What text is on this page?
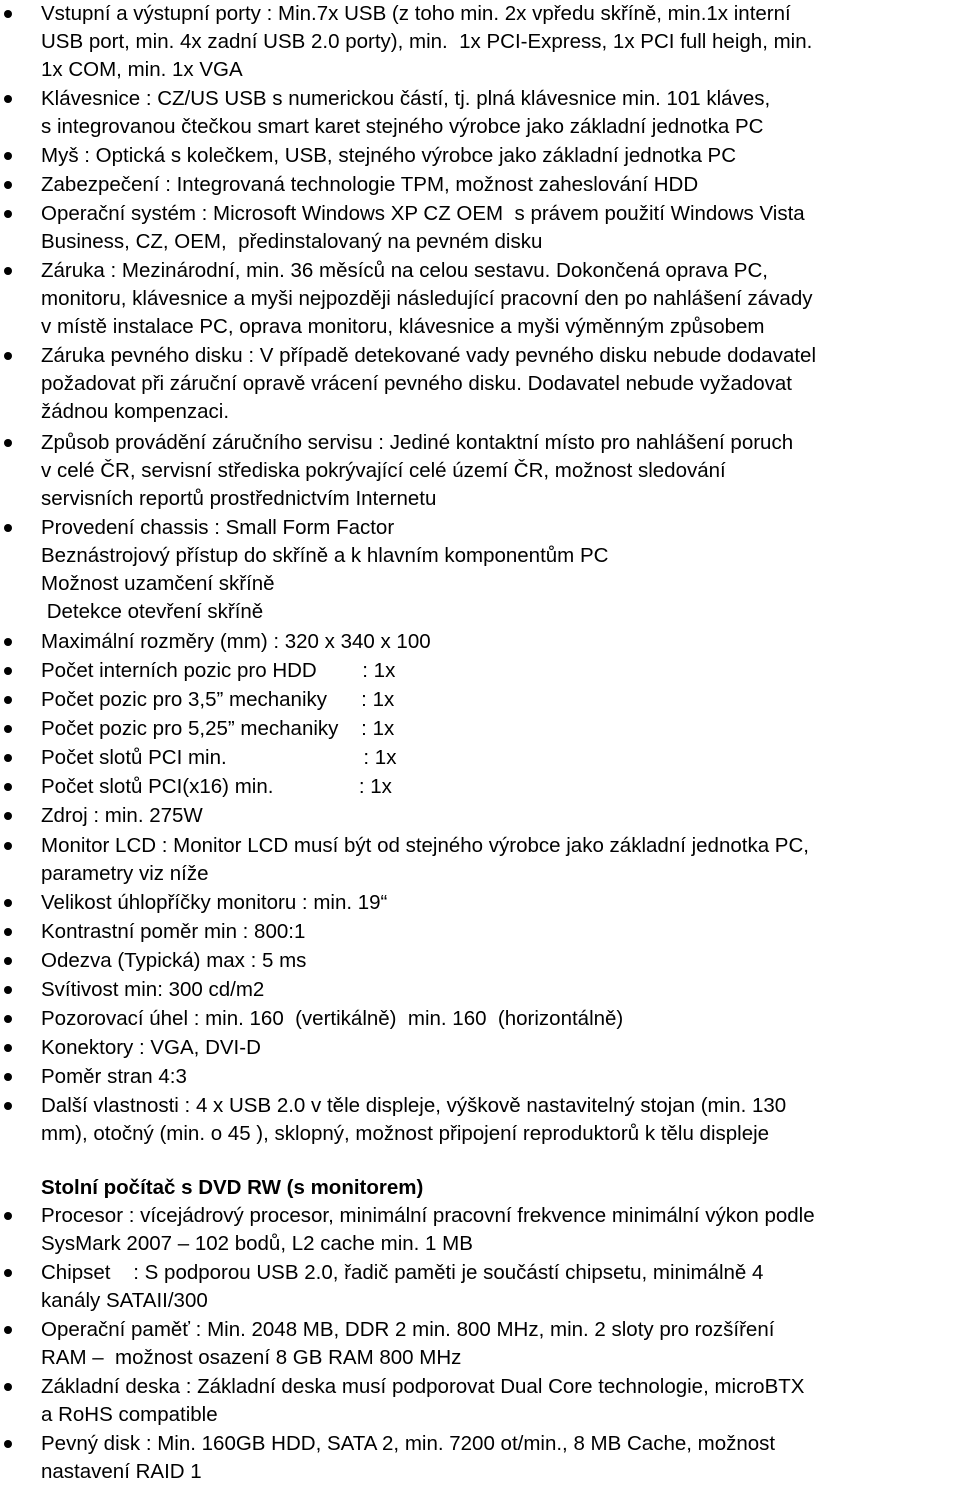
Vstupní a výstupní porty : Min.7x USB (z toho min. 2x vpředu skříně, min.1x interní
USB port, min. 4x zadní USB 2.0 porty), min.  1x PCI-Express, 1x PCI full heigh, min.
1x COM, min. 1x VGA
Klávesnice : CZ/US USB s numerickou částí, tj. plná klávesnice min. 101 kláves,
s integrovanou čtečkou smart karet stejného výrobce jako základní jednotka PC
Myš : Optická s kolečkem, USB, stejného výrobce jako základní jednotka PC
Zabezpečení : Integrovaná technologie TPM, možnost zaheslování HDD
Operační systém : Microsoft Windows XP CZ OEM  s právem použití Windows Vista
Business, CZ, OEM,  předinstalovaný na pevném disku
Záruka : Mezinárodní, min. 36 měsíců na celou sestavu. Dokončená oprava PC,
monitoru, klávesnice a myši nejpozději následující pracovní den po nahlášení závady
v místě instalace PC, oprava monitoru, klávesnice a myši výměnným způsobem
Záruka pevného disku : V případě detekované vady pevného disku nebude dodavatel
požadovat při záruční opravě vrácení pevného disku. Dodavatel nebude vyžadovat
žádnou kompenzaci.
Způsob provádění záručního servisu : Jediné kontaktní místo pro nahlášení poruch
v celé ČR, servisní střediska pokrývající celé území ČR, možnost sledování
servisních reportů prostřednictvím Internetu
Provedení chassis : Small Form Factor
Beznástrojový přístup do skříně a k hlavním komponentům PC
Možnost uzamčení skříně
Detekce otevření skříně
Maximální rozměry (mm) : 320 x 340 x 100
Počet interních pozic pro HDD        : 1x
Počet pozic pro 3,5” mechaniky      : 1x
Počet pozic pro 5,25” mechaniky    : 1x
Počet slotů PCI min.                        : 1x
Počet slotů PCI(x16) min.               : 1x
Zdroj : min. 275W
Monitor LCD : Monitor LCD musí být od stejného výrobce jako základní jednotka PC,
parametry viz níže
Velikost úhlopříčky monitoru : min. 19“
Kontrastní poměr min : 800:1
Odezva (Typická) max : 5 ms
Svítivost min: 300 cd/m2
Pozorovací úhel : min. 160  (vertikálně)  min. 160  (horizontálně)
Konektory : VGA, DVI-D
Poměr stran 4:3
Další vlastnosti : 4 x USB 2.0 v těle displeje, výškově nastavitelný stojan (min. 130
mm), otočný (min. o 45 ), sklopný, možnost připojení reproduktorů k tělu displeje
Stolní počítač s DVD RW (s monitorem)
Procesor : vícejádrový procesor, minimální pracovní frekvence minimální výkon podle
SysMark 2007 – 102 bodů, L2 cache min. 1 MB
Chipset    : S podporou USB 2.0, řadič paměti je součástí chipsetu, minimálně 4
kanály SATAII/300
Operační paměť : Min. 2048 MB, DDR 2 min. 800 MHz, min. 2 sloty pro rozšíření
RAM –  možnost osazení 8 GB RAM 800 MHz
Základní deska : Základní deska musí podporovat Dual Core technologie, microBTX
a RoHS compatible
Pevný disk : Min. 160GB HDD, SATA 2, min. 7200 ot/min., 8 MB Cache, možnost
nastavení RAID 1
